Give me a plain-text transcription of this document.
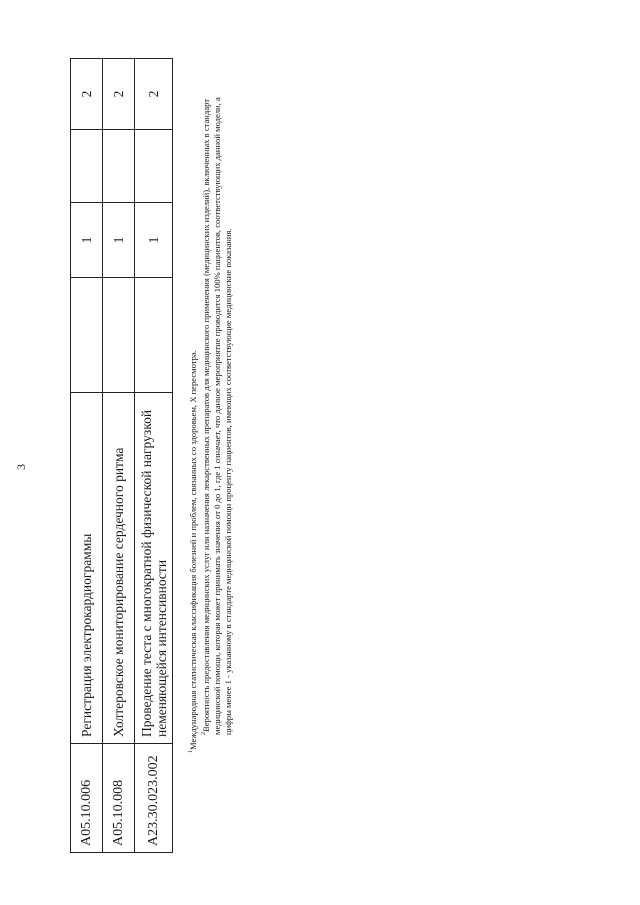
3
A05.10.006	Регистрация электрокардиограммы		1		2
A05.10.008	Холтеровское мониторирование сердечного ритма		1		2
A23.30.023.002	Проведение теста с многократной физической нагрузкой неменяющейся интенсивности		1		2

$^1$Международная статистическая классификация болезней и проблем, связанных со здоровьем, X пересмотра. $^2$Вероятность предоставления медицинских услуг или назначения лекарственных препаратов для медицинского применения (медицинских изделий), включенных в стандарт медицинской помощи, которая может принимать значения от 0 до 1, где 1 означает, что данное мероприятие проводится 100% пациентов, соответствующих данной модели, а цифры менее 1 - указанному в стандарте медицинской помощи проценту пациентов, имеющих соответствующие медицинские показания.
